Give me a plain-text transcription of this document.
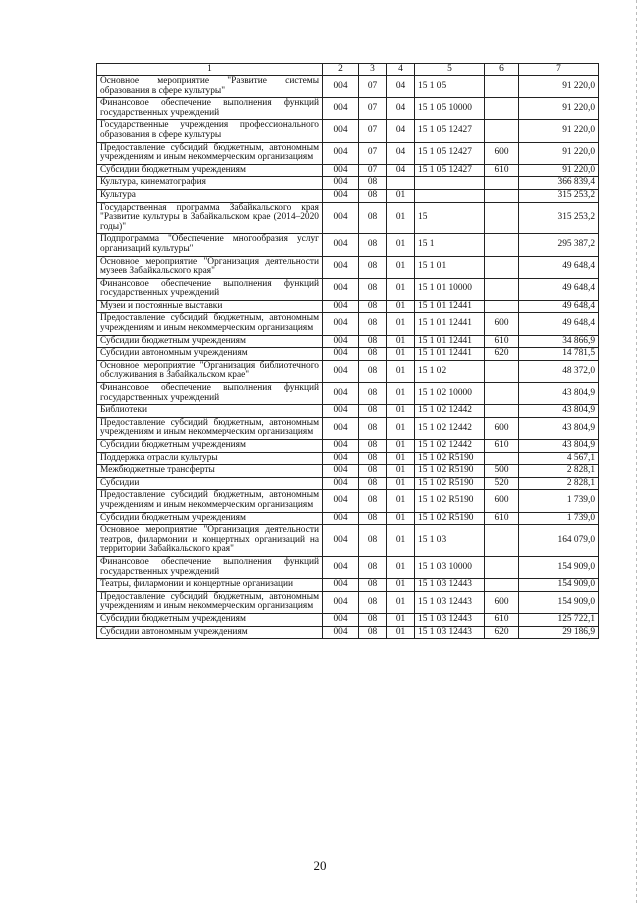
1	2	3	4	5	6	7
Основное мероприятие "Развитие системы образования в сфере культуры"	004	07	04	15 1 05		91 220,0
Финансовое обеспечение выполнения функций государственных учреждений	004	07	04	15 1 05 10000		91 220,0
Государственные учреждения профессионального образования в сфере культуры	004	07	04	15 1 05 12427		91 220,0
Предоставление субсидий бюджетным, автономным учреждениям и иным некоммерческим организациям	004	07	04	15 1 05 12427	600	91 220,0
Субсидии бюджетным учреждениям	004	07	04	15 1 05 12427	610	91 220,0
Культура, кинематография	004	08				366 839,4
Культура	004	08	01			315 253,2
Государственная программа Забайкальского края "Развитие культуры в Забайкальском крае (2014–2020 годы)"	004	08	01	15		315 253,2
Подпрограмма "Обеспечение многообразия услуг организаций культуры"	004	08	01	15 1		295 387,2
Основное мероприятие "Организация деятельности музеев Забайкальского края"	004	08	01	15 1 01		49 648,4
Финансовое обеспечение выполнения функций государственных учреждений	004	08	01	15 1 01 10000		49 648,4
Музеи и постоянные выставки	004	08	01	15 1 01 12441		49 648,4
Предоставление субсидий бюджетным, автономным учреждениям и иным некоммерческим организациям	004	08	01	15 1 01 12441	600	49 648,4
Субсидии бюджетным учреждениям	004	08	01	15 1 01 12441	610	34 866,9
Субсидии автономным учреждениям	004	08	01	15 1 01 12441	620	14 781,5
Основное мероприятие "Организация библиотечного обслуживания в Забайкальском крае"	004	08	01	15 1 02		48 372,0
Финансовое обеспечение выполнения функций государственных учреждений	004	08	01	15 1 02 10000		43 804,9
Библиотеки	004	08	01	15 1 02 12442		43 804,9
Предоставление субсидий бюджетным, автономным учреждениям и иным некоммерческим организациям	004	08	01	15 1 02 12442	600	43 804,9
Субсидии бюджетным учреждениям	004	08	01	15 1 02 12442	610	43 804,9
Поддержка отрасли культуры	004	08	01	15 1 02 R5190		4 567,1
Межбюджетные трансферты	004	08	01	15 1 02 R5190	500	2 828,1
Субсидии	004	08	01	15 1 02 R5190	520	2 828,1
Предоставление субсидий бюджетным, автономным учреждениям и иным некоммерческим организациям	004	08	01	15 1 02 R5190	600	1 739,0
Субсидии бюджетным учреждениям	004	08	01	15 1 02 R5190	610	1 739,0
Основное мероприятие "Организация деятельности театров, филармонии и концертных организаций на территории Забайкальского края"	004	08	01	15 1 03		164 079,0
Финансовое обеспечение выполнения функций государственных учреждений	004	08	01	15 1 03 10000		154 909,0
Театры, филармонии и концертные организации	004	08	01	15 1 03 12443		154 909,0
Предоставление субсидий бюджетным, автономным учреждениям и иным некоммерческим организациям	004	08	01	15 1 03 12443	600	154 909,0
Субсидии бюджетным учреждениям	004	08	01	15 1 03 12443	610	125 722,1
Субсидии автономным учреждениям	004	08	01	15 1 03 12443	620	29 186,9
20
